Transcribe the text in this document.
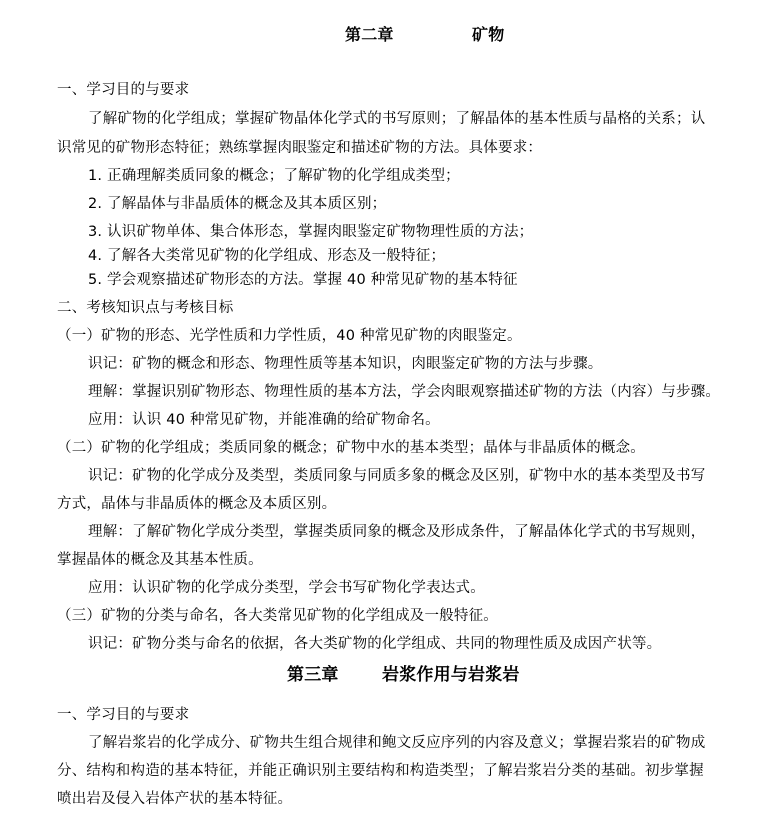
第二章	矿物
一、学习目的与要求
了解矿物的化学组成；掌握矿物晶体化学式的书写原则；了解晶体的基本性质与晶格的关系；认
识常见的矿物形态特征；熟练掌握肉眼鉴定和描述矿物的方法。具体要求：
1. 正确理解类质同象的概念；了解矿物的化学组成类型；
2. 了解晶体与非晶质体的概念及其本质区别；
3. 认识矿物单体、集合体形态，掌握肉眼鉴定矿物物理性质的方法；
4. 了解各大类常见矿物的化学组成、形态及一般特征；
5. 学会观察描述矿物形态的方法。掌握 40 种常见矿物的基本特征
二、考核知识点与考核目标
（一）矿物的形态、光学性质和力学性质，40 种常见矿物的肉眼鉴定。
识记：矿物的概念和形态、物理性质等基本知识，肉眼鉴定矿物的方法与步骤。
理解：掌握识别矿物形态、物理性质的基本方法，学会肉眼观察描述矿物的方法（内容）与步骤。
应用：认识 40 种常见矿物，并能准确的给矿物命名。
（二）矿物的化学组成；类质同象的概念；矿物中水的基本类型；晶体与非晶质体的概念。
识记：矿物的化学成分及类型，类质同象与同质多象的概念及区别，矿物中水的基本类型及书写
方式，晶体与非晶质体的概念及本质区别。
理解：了解矿物化学成分类型，掌握类质同象的概念及形成条件，了解晶体化学式的书写规则，
掌握晶体的概念及其基本性质。
应用：认识矿物的化学成分类型，学会书写矿物化学表达式。
（三）矿物的分类与命名，各大类常见矿物的化学组成及一般特征。
识记：矿物分类与命名的依据，各大类矿物的化学组成、共同的物理性质及成因产状等。
第三章	岩浆作用与岩浆岩
一、学习目的与要求
了解岩浆岩的化学成分、矿物共生组合规律和鲍文反应序列的内容及意义；掌握岩浆岩的矿物成
分、结构和构造的基本特征，并能正确识别主要结构和构造类型；了解岩浆岩分类的基础。初步掌握
喷出岩及侵入岩体产状的基本特征。
